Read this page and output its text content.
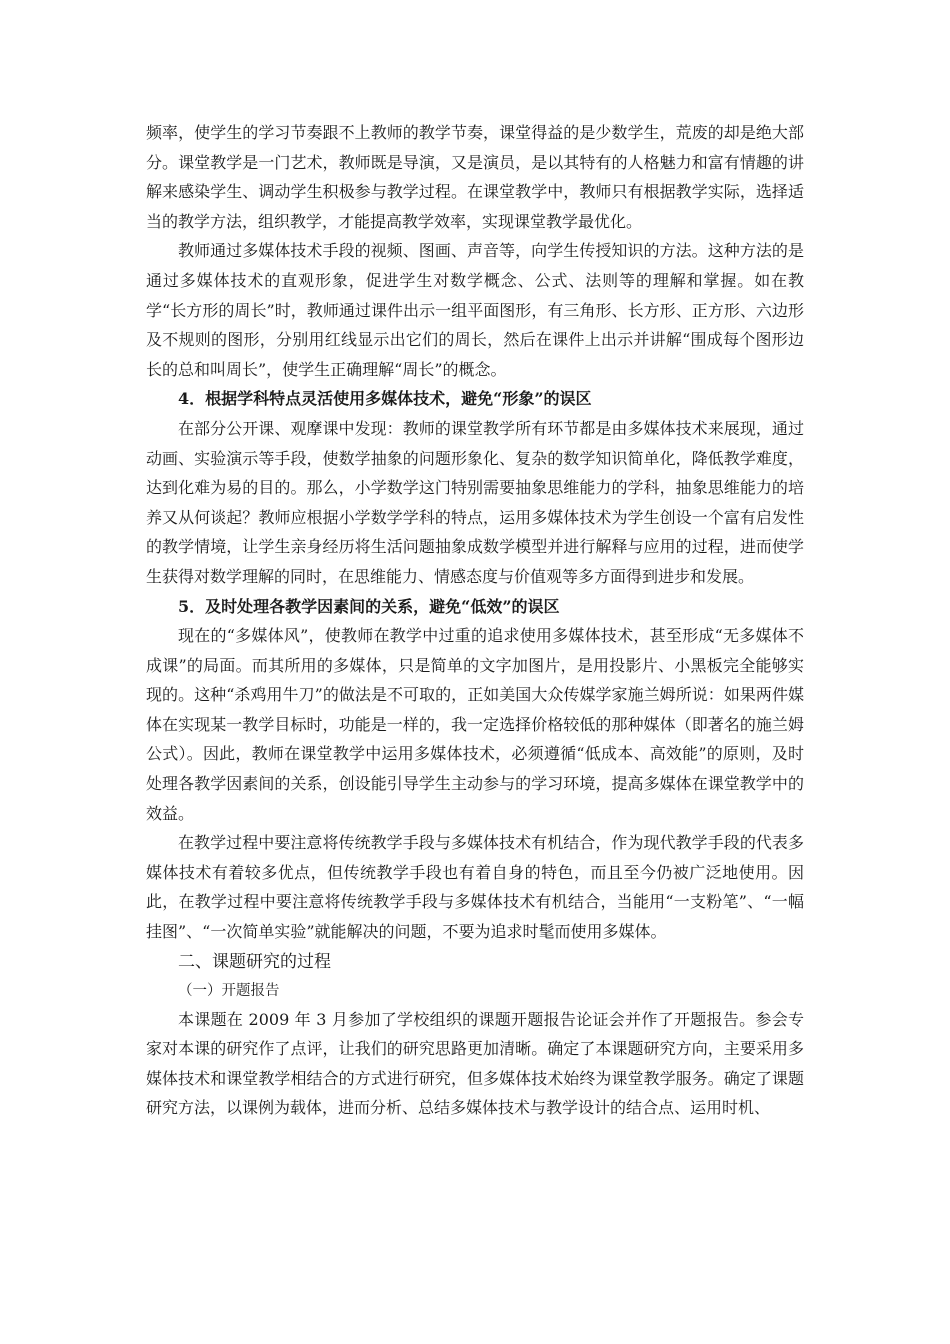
频率，使学生的学习节奏跟不上教师的教学节奏，课堂得益的是少数学生，荒废的却是绝大部分。课堂教学是一门艺术，教师既是导演，又是演员，是以其特有的人格魅力和富有情趣的讲解来感染学生、调动学生积极参与教学过程。在课堂教学中，教师只有根据教学实际，选择适当的教学方法，组织教学，才能提高教学效率，实现课堂教学最优化。

教师通过多媒体技术手段的视频、图画、声音等，向学生传授知识的方法。这种方法的是通过多媒体技术的直观形象，促进学生对数学概念、公式、法则等的理解和掌握。如在教学“长方形的周长”时，教师通过课件出示一组平面图形，有三角形、长方形、正方形、六边形及不规则的图形，分别用红线显示出它们的周长，然后在课件上出示并讲解“围成每个图形边长的总和叫周长”，使学生正确理解“周长”的概念。

4．根据学科特点灵活使用多媒体技术，避免“形象”的误区

在部分公开课、观摩课中发现：教师的课堂教学所有环节都是由多媒体技术来展现，通过动画、实验演示等手段，使数学抽象的问题形象化、复杂的数学知识简单化，降低教学难度，达到化难为易的目的。那么，小学数学这门特别需要抽象思维能力的学科，抽象思维能力的培养又从何谈起？教师应根据小学数学学科的特点，运用多媒体技术为学生创设一个富有启发性的教学情境，让学生亲身经历将生活问题抽象成数学模型并进行解释与应用的过程，进而使学生获得对数学理解的同时，在思维能力、情感态度与价值观等多方面得到进步和发展。

5．及时处理各教学因素间的关系，避免“低效”的误区

现在的“多媒体风”，使教师在教学中过重的追求使用多媒体技术，甚至形成“无多媒体不成课”的局面。而其所用的多媒体，只是简单的文字加图片，是用投影片、小黑板完全能够实现的。这种“杀鸡用牛刀”的做法是不可取的，正如美国大众传媒学家施兰姆所说：如果两件媒体在实现某一教学目标时，功能是一样的，我一定选择价格较低的那种媒体（即著名的施兰姆公式）。因此，教师在课堂教学中运用多媒体技术，必须遵循“低成本、高效能”的原则，及时处理各教学因素间的关系，创设能引导学生主动参与的学习环境，提高多媒体在课堂教学中的效益。

在教学过程中要注意将传统教学手段与多媒体技术有机结合，作为现代教学手段的代表多媒体技术有着较多优点，但传统教学手段也有着自身的特色，而且至今仍被广泛地使用。因此，在教学过程中要注意将传统教学手段与多媒体技术有机结合，当能用“一支粉笔”、“一幅挂图”、“一次简单实验”就能解决的问题，不要为追求时髦而使用多媒体。

二、课题研究的过程

（一）开题报告

本课题在 2009 年 3 月参加了学校组织的课题开题报告论证会并作了开题报告。参会专家对本课的研究作了点评，让我们的研究思路更加清晰。确定了本课题研究方向，主要采用多媒体技术和课堂教学相结合的方式进行研究，但多媒体技术始终为课堂教学服务。确定了课题研究方法，以课例为载体，进而分析、总结多媒体技术与教学设计的结合点、运用时机、
